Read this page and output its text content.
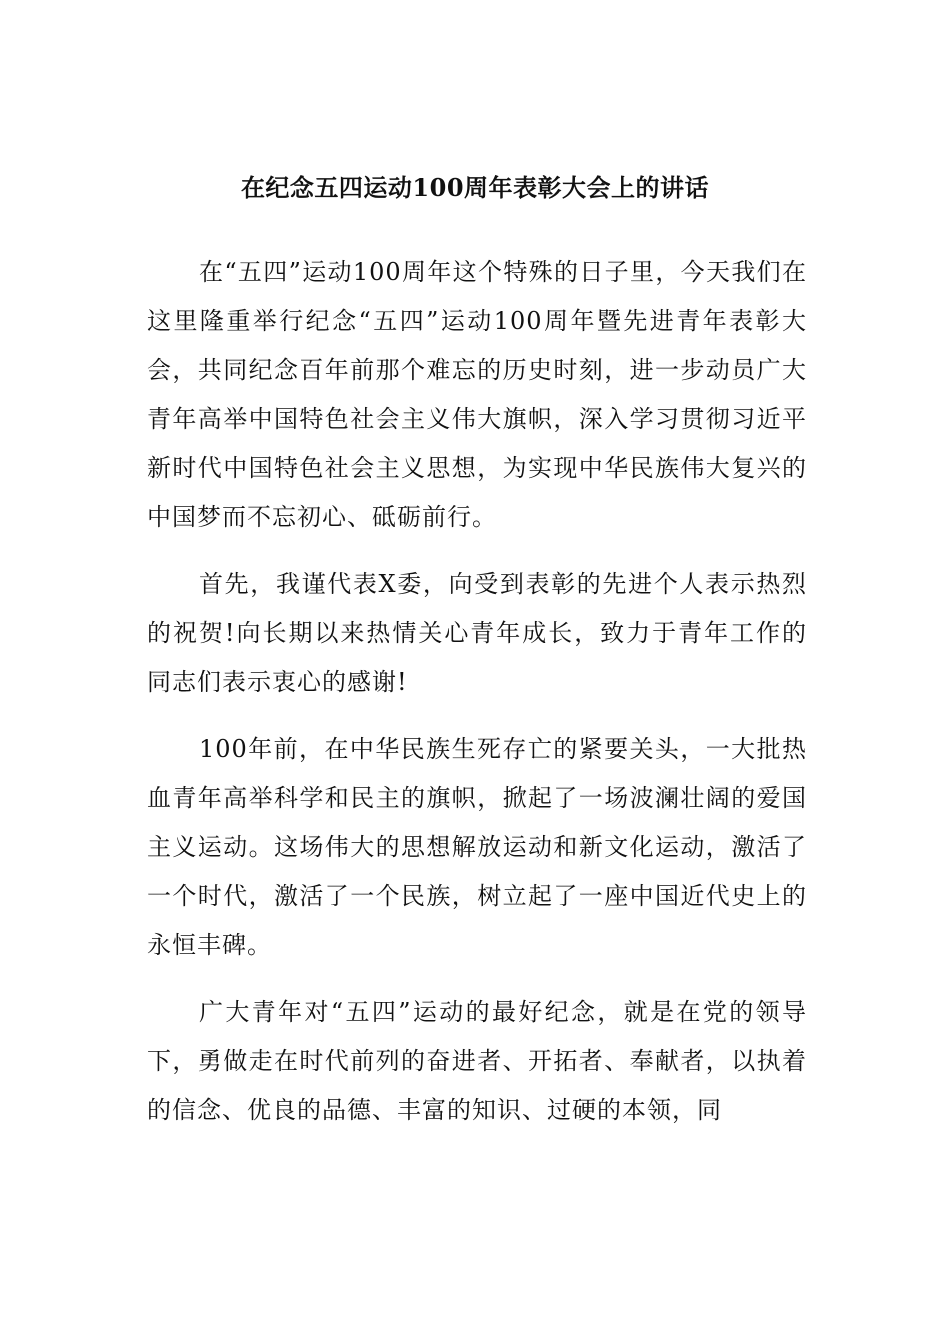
在纪念五四运动100周年表彰大会上的讲话

在“五四”运动100周年这个特殊的日子里，今天我们在这里隆重举行纪念“五四”运动100周年暨先进青年表彰大会，共同纪念百年前那个难忘的历史时刻，进一步动员广大青年高举中国特色社会主义伟大旗帜，深入学习贯彻习近平新时代中国特色社会主义思想，为实现中华民族伟大复兴的中国梦而不忘初心、砥砺前行。

首先，我谨代表X委，向受到表彰的先进个人表示热烈的祝贺!向长期以来热情关心青年成长，致力于青年工作的同志们表示衷心的感谢!

100年前，在中华民族生死存亡的紧要关头，一大批热血青年高举科学和民主的旗帜，掀起了一场波澜壮阔的爱国主义运动。这场伟大的思想解放运动和新文化运动，激活了一个时代，激活了一个民族，树立起了一座中国近代史上的永恒丰碑。

广大青年对“五四”运动的最好纪念，就是在党的领导下，勇做走在时代前列的奋进者、开拓者、奉献者，以执着的信念、优良的品德、丰富的知识、过硬的本领，同
